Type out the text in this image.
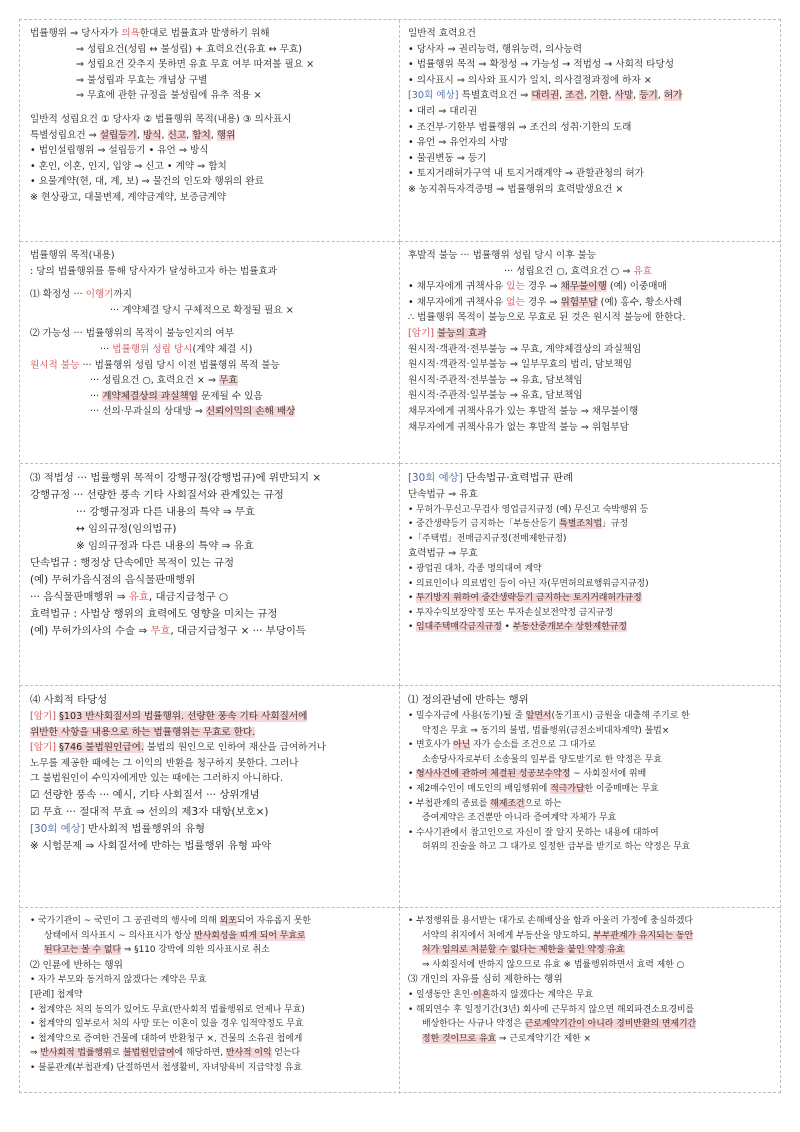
법률행위 ⇒ 당사자가 의욕한대로 법률효과 발생하기 위해
⇒ 성립요건(성립 ↔ 불성립) + 효력요건(유효 ↔ 무효)
⇒ 성립요건 갖추지 못하면 유효 무효 여부 따져볼 필요 ×
⇒ 불성립과 무효는 개념상 구별
⇒ 무효에 관한 규정을 불성립에 유추 적용 ×
일반적 성립요건 ① 당사자 ② 법률행위 목적(내용) ③ 의사표시
특별성립요건 ⇒ 설립등기, 방식, 신고, 합치, 행위
• 법인설립행위 ⇒ 설립등기 • 유언 ⇒ 방식
• 혼인, 이혼, 인지, 입양 ⇒ 신고 • 계약 ⇒ 합치
• 요물계약(현, 대, 계, 보) ⇒ 물건의 인도와 행위의 완료
※ 현상광고, 대물변제, 계약금계약, 보증금계약
일반적 효력요건
• 당사자 ⇒ 권리능력, 행위능력, 의사능력
• 법률행위 목적 ⇒ 확정성 → 가능성 → 적법성 → 사회적 타당성
• 의사표시 ⇒ 의사와 표시가 일치, 의사결정과정에 하자 ×
[30회 예상] 특별효력요건 ⇒ 대리권, 조건, 기한, 사망, 등기, 허가
• 대리 ⇒ 대리권
• 조건부·기한부 법률행위 ⇒ 조건의 성취·기한의 도래
• 유언 ⇒ 유언자의 사망
• 물권변동 ⇒ 등기
• 토지거래허가구역 내 토지거래계약 ⇒ 관할관청의 허가
※ 농지취득자격증명 ⇒ 법률행위의 효력발생요건 ×
법률행위 목적(내용)
: 당의 법률행위를 통해 당사자가 달성하고자 하는 법률효과
⑴ 확정성 ··· 이행기까지
··· 계약체결 당시 구체적으로 확정될 필요 ×
⑵ 가능성 ··· 법률행위의 목적이 불능인지의 여부
··· 법률행위 성립 당시(계약 체결 시)
원시적 불능 ··· 법률행위 성립 당시 이전 법률행위 목적 불능
··· 성립요건 ○, 효력요건 × ⇒ 무효
··· 계약체결상의 과실책임 문제될 수 있음
··· 선의·무과실의 상대방 ⇒ 신뢰이익의 손해 배상
후발적 불능 ··· 법률행위 성립 당시 이후 불능
··· 성립요건 ○, 효력요건 ○ ⇒ 유효
• 채무자에게 귀책사유 있는 경우 ⇒ 채무불이행 (예) 이중매매
• 채무자에게 귀책사유 없는 경우 ⇒ 위험부담 (예) 홍수, 황소사례
∴ 법률행위 목적이 불능으로 무효로 된 것은 원시적 불능에 한한다.
[암기] 불능의 효과
원시적·객관적·전부불능 ⇒ 무효, 계약체결상의 과실책임
원시적·객관적·일부불능 ⇒ 일부무효의 법리, 담보책임
원시적·주관적·전부불능 ⇒ 유효, 담보책임
원시적·주관적·일부불능 ⇒ 유효, 담보책임
채무자에게 귀책사유가 있는 후발적 불능 ⇒ 채무불이행
채무자에게 귀책사유가 없는 후발적 불능 ⇒ 위험부담
⑶ 적법성 ··· 법률행위 목적이 강행규정(강행법규)에 위반되지 ×
강행규정 ··· 선량한 풍속 기타 사회질서와 관계있는 규정
··· 강행규정과 다른 내용의 특약 ⇒ 무효
↔ 임의규정(임의법규)
※ 임의규정과 다른 내용의 특약 ⇒ 유효
단속법규 : 행정상 단속에만 목적이 있는 규정
(예) 무허가음식점의 음식물판매행위
··· 음식물판매행위 ⇒ 유효, 대금지급청구 ○
효력법규 : 사법상 행위의 효력에도 영향을 미치는 규정
(예) 무허가의사의 수술 ⇒ 무효, 대금지급청구 × ··· 부당이득
[30회 예상] 단속법규·효력법규 판례
단속법규 ⇒ 유효
• 무허가·무신고·무검사 영업금지규정 (예) 무신고 숙박행위 등
• 중간생략등기 금지하는「부동산등기 특별조치법」규정
•「주택법」전매금지규정(전매제한규정)
효력법규 ⇒ 무효
• 광업권 대차, 각종 명의대여 계약
• 의료인이나 의료법인 등이 아닌 자(무면허의료행위금지규정)
• 투기방지 위하여 중간생략등기 금지하는 토지거래허가규정
• 투자수익보장약정 또는 투자손실보전약정 금지규정
• 임대주택매각금지규정 • 부동산중개보수 상한제한규정
⑷ 사회적 타당성
[암기] §103 반사회질서의 법률행위. 선량한 풍속 기타 사회질서에
위반한 사항을 내용으로 하는 법률행위는 무효로 한다.
[암기] §746 불법원인급여. 불법의 원인으로 인하여 재산을 급여하거나
노무를 제공한 때에는 그 이익의 반환을 청구하지 못한다. 그러나
그 불법원인이 수익자에게만 있는 때에는 그러하지 아니하다.
☑ 선량한 풍속 ··· 예시, 기타 사회질서 ··· 상위개념
☑ 무효 ··· 절대적 무효 ⇒ 선의의 제3자 대항(보호×)
[30회 예상] 반사회적 법률행위의 유형
※ 시험문제 ⇒ 사회질서에 반하는 법률행위 유형 파악
⑴ 정의관념에 반하는 행위
• 밀수자금에 사용(동기)될 줄 알면서(동기표시) 금원을 대출해 주기로 한
약정은 무효 ⇒ 동기의 불법, 법률행위(금전소비대차계약) 불법×
• 변호사가 아닌 자가 승소를 조건으로 그 대가로
소송당사자로부터 소송물의 일부를 양도받기로 한 약정은 무효
• 형사사건에 관하여 체결된 성공보수약정 ~ 사회질서에 위배
• 제2매수인이 매도인의 배임행위에 적극가담한 이중매매는 무효
• 부첩관계의 종료를 해제조건으로 하는
증여계약은 조건뿐만 아니라 증여계약 자체가 무효
• 수사기관에서 참고인으로 자신이 잘 알지 못하는 내용에 대하여
허위의 진술을 하고 그 대가로 일정한 급부를 받기로 하는 약정은 무효
• 국가기관이 ~ 국민이 그 공권력의 행사에 의해 외포되어 자유롭지 못한
상태에서 의사표시 ~ 의사표시가 항상 반사회성을 띠게 되어 무효로
된다고는 볼 수 없다 ⇒ §110 강박에 의한 의사표시로 취소
⑵ 인륜에 반하는 행위
• 자가 부모와 동거하지 않겠다는 계약은 무효
[판례] 첩계약
• 첩계약은 처의 동의가 있어도 무효(반사회적 법률행위로 언제나 무효)
• 첩계약의 일부로서 처의 사망 또는 이혼이 있을 경우 입적약정도 무효
• 첩계약으로 증여한 건물에 대하여 반환청구 ×, 건물의 소유권 첩에게
⇒ 반사회적 법률행위로 불법원인급여에 해당하면, 반사적 이익 얻는다
• 불륜관계(부첩관계) 단절하면서 첩생활비, 자녀양육비 지급약정 유효
• 부정행위를 용서받는 대가로 손해배상을 함과 아울러 가정에 충실하겠다
서약의 취지에서 처에게 부동산을 양도하되, 부부관계가 유지되는 동안
처가 임의로 처분할 수 없다는 제한을 붙인 약정 유효
⇒ 사회질서에 반하지 않으므로 유효 ※ 법률행위하면서 효력 제한 ○
⑶ 개인의 자유를 심히 제한하는 행위
• 일생동안 혼인·이혼하지 않겠다는 계약은 무효
• 해외연수 후 일정기간(3년) 회사에 근무하지 않으면 해외파견소요경비를
배상한다는 사규나 약정은 근로계약기간이 아니라 경비반환의 면제기간
정한 것이므로 유효 ⇒ 근로계약기간 제한 ×
